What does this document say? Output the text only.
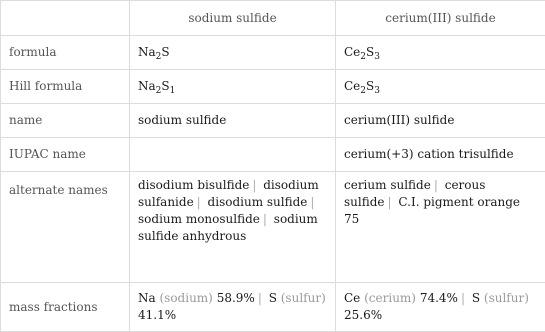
	sodium sulfide	cerium(III) sulfide
formula	$Na_2S$	$Ce_2S_3$
Hill formula	$Na_2S_1$	$Ce_2S_3$
name	sodium sulfide	cerium(III) sulfide
IUPAC name		cerium(+3) cation trisulfide
alternate names	disodium bisulfide | disodium sulfanide | disodium sulfide | sodium monosulfide | sodium sulfide anhydrous	cerium sulfide | cerous sulfide | C.I. pigment orange 75
mass fractions	Na (sodium) 58.9% | S (sulfur) 41.1%	Ce (cerium) 74.4% | S (sulfur) 25.6%
